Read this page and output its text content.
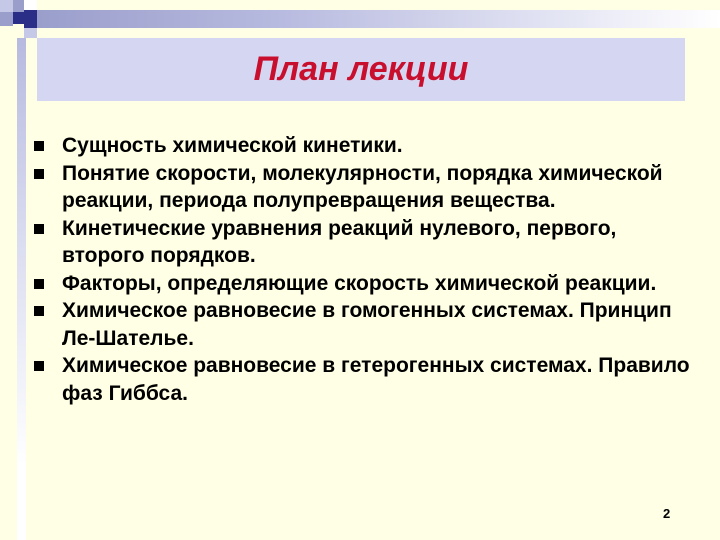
План лекции
Сущность химической кинетики.
Понятие скорости, молекулярности, порядка химической реакции, периода полупревращения вещества.
Кинетические уравнения реакций нулевого, первого, второго порядков.
Факторы, определяющие скорость химической реакции.
Химическое равновесие в гомогенных системах. Принцип Ле-Шателье.
Химическое равновесие в гетерогенных системах. Правило фаз Гиббса.
2
